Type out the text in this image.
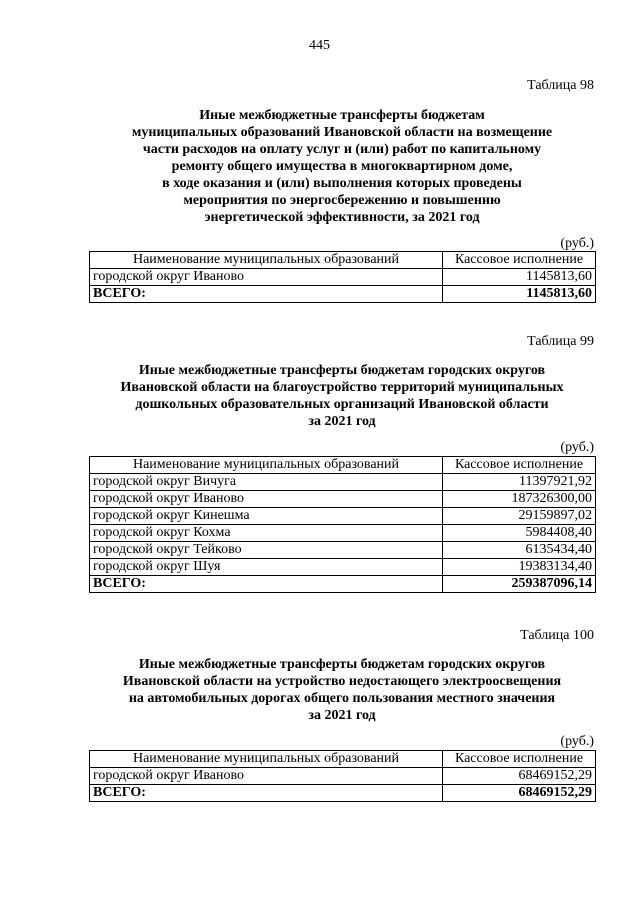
445
Таблица 98
Иные межбюджетные трансферты бюджетам
муниципальных образований Ивановской области на возмещение
части расходов на оплату услуг и (или) работ по капитальному
ремонту общего имущества в многоквартирном доме,
в ходе оказания и (или) выполнения которых проведены
мероприятия по энергосбережению и повышению
энергетической эффективности, за 2021 год
(руб.)
Наименование муниципальных образований	Кассовое исполнение
городской округ Иваново	1145813,60
ВСЕГО:	1145813,60
Таблица 99
Иные межбюджетные трансферты бюджетам городских округов
Ивановской области на благоустройство территорий муниципальных
дошкольных образовательных организаций Ивановской области
за 2021 год
(руб.)
Наименование муниципальных образований	Кассовое исполнение
городской округ Вичуга	11397921,92
городской округ Иваново	187326300,00
городской округ Кинешма	29159897,02
городской округ Кохма	5984408,40
городской округ Тейково	6135434,40
городской округ Шуя	19383134,40
ВСЕГО:	259387096,14
Таблица 100
Иные межбюджетные трансферты бюджетам городских округов
Ивановской области на устройство недостающего электроосвещения
на автомобильных дорогах общего пользования местного значения
за 2021 год
(руб.)
Наименование муниципальных образований	Кассовое исполнение
городской округ Иваново	68469152,29
ВСЕГО:	68469152,29
